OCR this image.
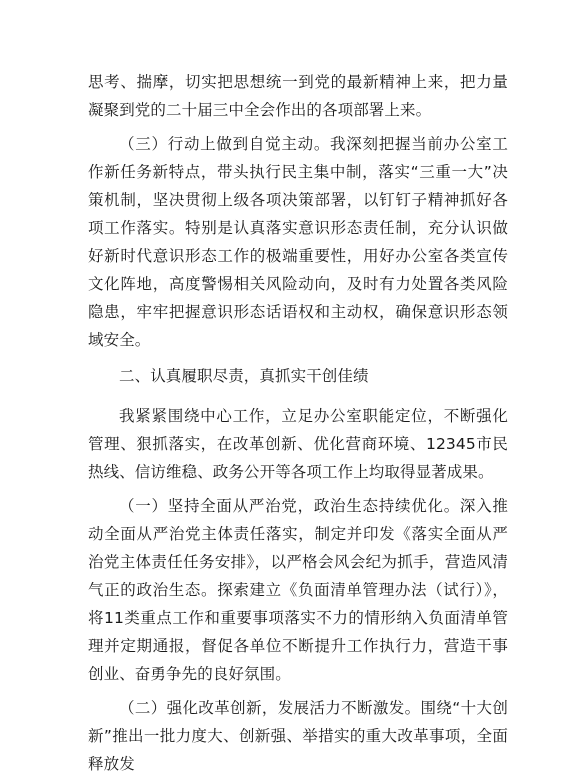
思考、揣摩，切实把思想统一到党的最新精神上来，把力量凝聚到党的二十届三中全会作出的各项部署上来。

（三）行动上做到自觉主动。我深刻把握当前办公室工作新任务新特点，带头执行民主集中制，落实“三重一大”决策机制，坚决贯彻上级各项决策部署，以钉钉子精神抓好各项工作落实。特别是认真落实意识形态责任制，充分认识做好新时代意识形态工作的极端重要性，用好办公室各类宣传文化阵地，高度警惕相关风险动向，及时有力处置各类风险隐患，牢牢把握意识形态话语权和主动权，确保意识形态领域安全。

二、认真履职尽责，真抓实干创佳绩

我紧紧围绕中心工作，立足办公室职能定位，不断强化管理、狠抓落实，在改革创新、优化营商环境、12345市民热线、信访维稳、政务公开等各项工作上均取得显著成果。

（一）坚持全面从严治党，政治生态持续优化。深入推动全面从严治党主体责任落实，制定并印发《落实全面从严治党主体责任任务安排》，以严格会风会纪为抓手，营造风清气正的政治生态。探索建立《负面清单管理办法（试行）》，将11类重点工作和重要事项落实不力的情形纳入负面清单管理并定期通报，督促各单位不断提升工作执行力，营造干事创业、奋勇争先的良好氛围。

（二）强化改革创新，发展活力不断激发。围绕“十大创新”推出一批力度大、创新强、举措实的重大改革事项，全面释放发
